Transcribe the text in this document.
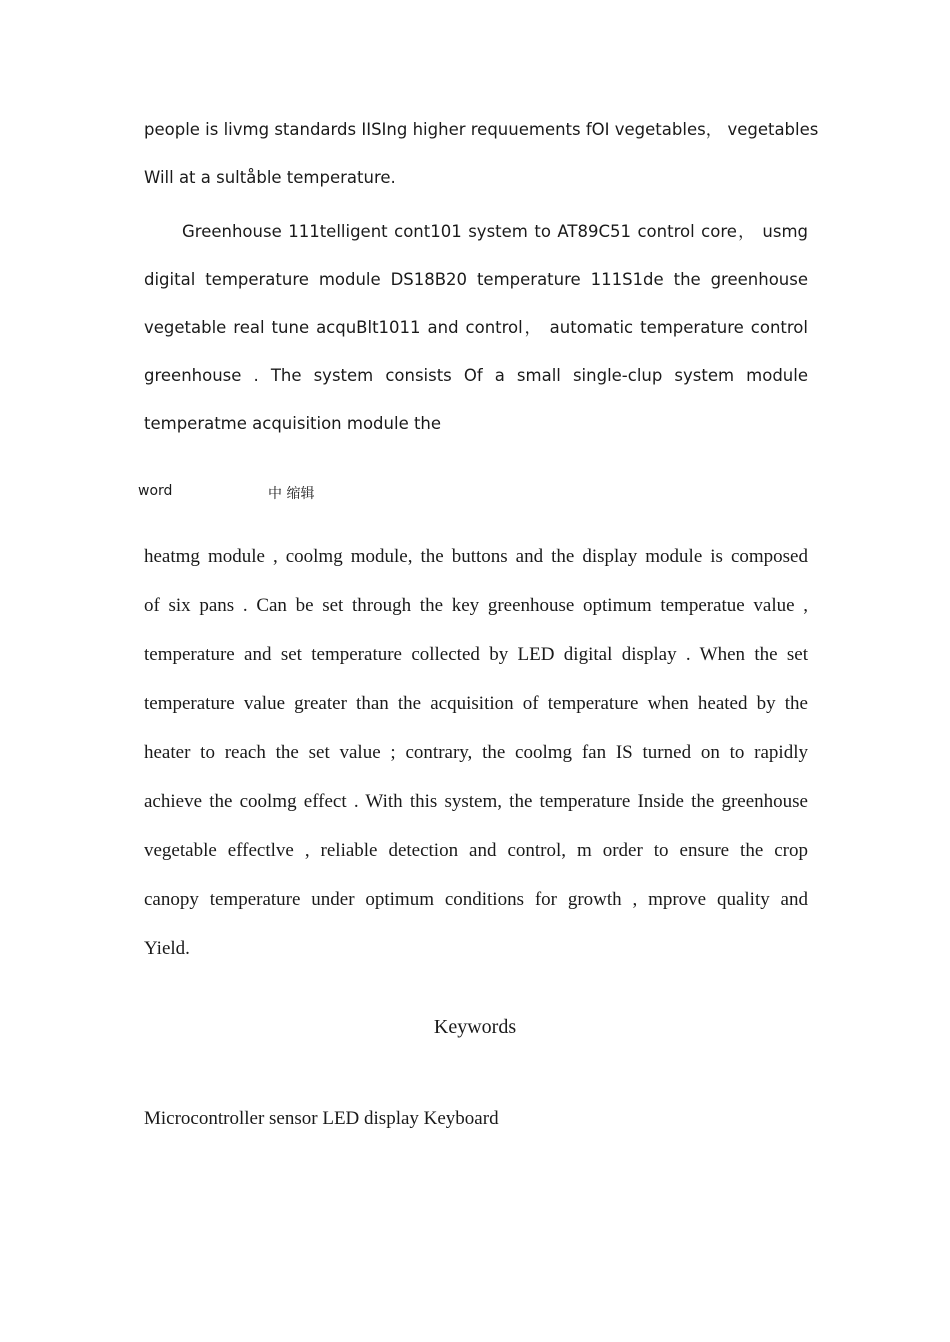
people is livmg standards IISIng higher requuements fOI vegetables， vegetables
Will at a sultåble temperature.
Greenhouse 111telligent cont101 system to AT89C51 control core， usmg
digital temperature module DS18B20 temperature 111S1de the greenhouse
vegetable real tune acquBlt1011 and control， automatic temperature control
greenhouse . The system consists Of a small single-clup system module
temperatme acquisition module the
word	中 缩辑
heatmg module , coolmg module, the buttons and the display module is composed
of six pans . Can be set through the key greenhouse optimum temperatue value ,
temperature and set temperature collected by LED digital display . When the set
temperature value greater than the acquisition of temperature when heated by the
heater to reach the set value ; contrary, the coolmg fan IS turned on to rapidly
achieve the coolmg effect . With this system, the temperature Inside the greenhouse
vegetable effectlve , reliable detection and control, m order to ensure the crop
canopy temperature under optimum conditions for growth , mprove quality and
Yield.
Keywords
Microcontroller sensor LED display Keyboard
